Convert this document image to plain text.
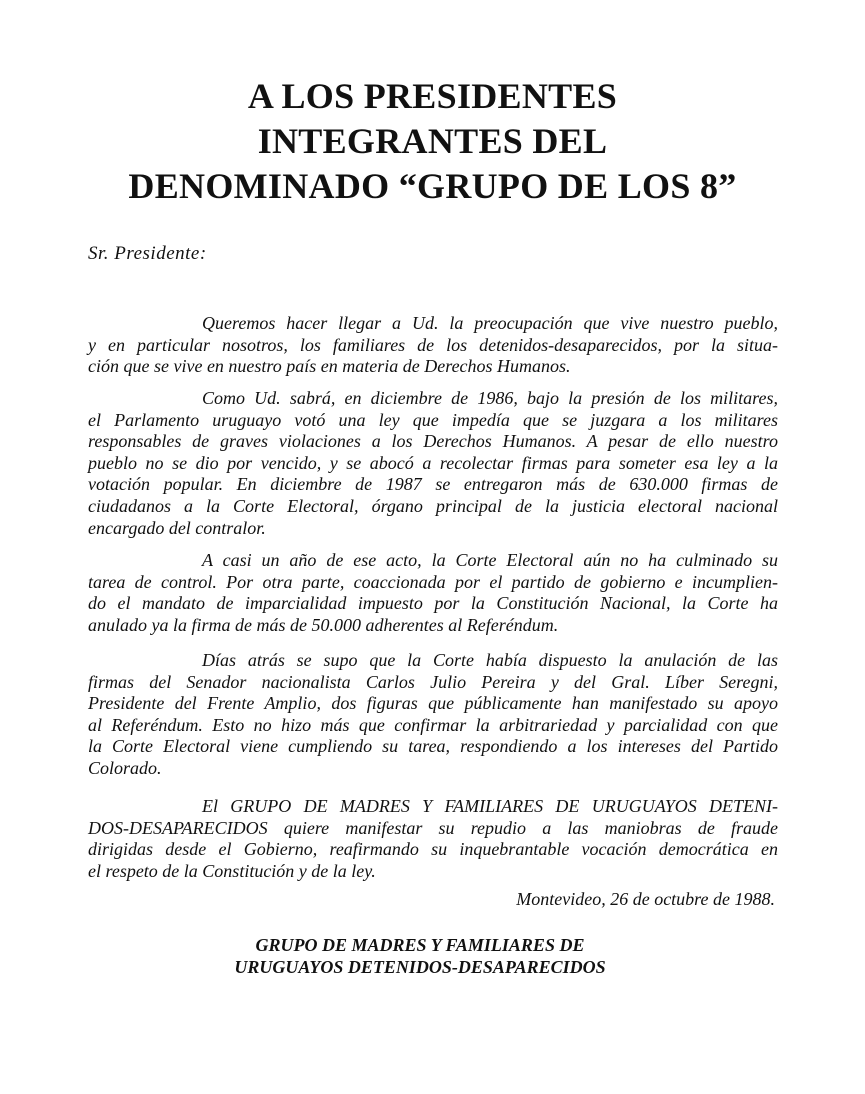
A LOS PRESIDENTES
INTEGRANTES DEL
DENOMINADO “GRUPO DE LOS 8”
Sr. Presidente:
Queremos hacer llegar a Ud. la preocupación que vive nuestro pueblo,
y en particular nosotros, los familiares de los detenidos-desaparecidos, por la situa-
ción que se vive en nuestro país en materia de Derechos Humanos.
Como Ud. sabrá, en diciembre de 1986, bajo la presión de los militares,
el Parlamento uruguayo votó una ley que impedía que se juzgara a los militares
responsables de graves violaciones a los Derechos Humanos. A pesar de ello nuestro
pueblo no se dio por vencido, y se abocó a recolectar firmas para someter esa ley a la
votación popular. En diciembre de 1987 se entregaron más de 630.000 firmas de
ciudadanos a la Corte Electoral, órgano principal de la justicia electoral nacional
encargado del contralor.
A casi un año de ese acto, la Corte Electoral aún no ha culminado su
tarea de control. Por otra parte, coaccionada por el partido de gobierno e incumplien-
do el mandato de imparcialidad impuesto por la Constitución Nacional, la Corte ha
anulado ya la firma de más de 50.000 adherentes al Referéndum.
Días atrás se supo que la Corte había dispuesto la anulación de las
firmas del Senador nacionalista Carlos Julio Pereira y del Gral. Líber Seregni,
Presidente del Frente Amplio, dos figuras que públicamente han manifestado su apoyo
al Referéndum. Esto no hizo más que confirmar la arbitrariedad y parcialidad con que
la Corte Electoral viene cumpliendo su tarea, respondiendo a los intereses del Partido
Colorado.
El GRUPO DE MADRES Y FAMILIARES DE URUGUAYOS DETENI-
DOS-DESAPARECIDOS quiere manifestar su repudio a las maniobras de fraude
dirigidas desde el Gobierno, reafirmando su inquebrantable vocación democrática en
el respeto de la Constitución y de la ley.
Montevideo, 26 de octubre de 1988.
GRUPO DE MADRES Y FAMILIARES DE
URUGUAYOS DETENIDOS-DESAPARECIDOS
